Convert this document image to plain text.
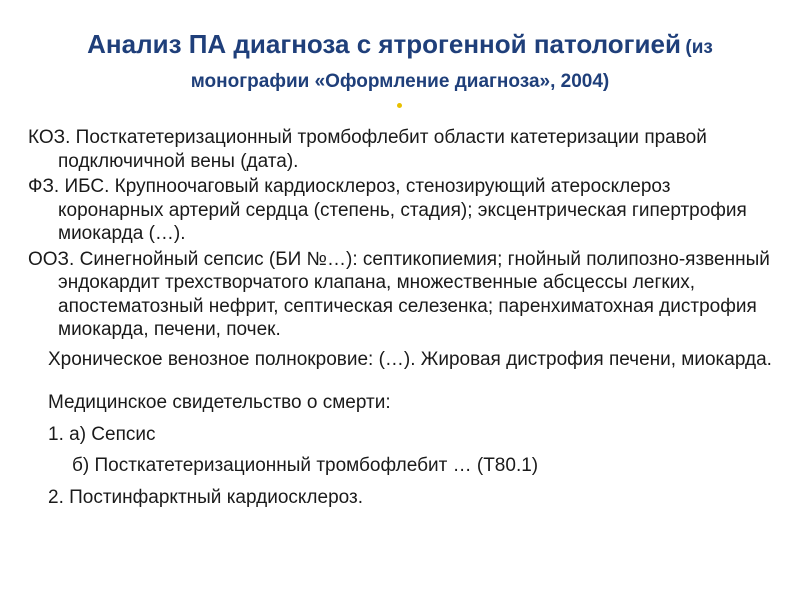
Анализ ПА диагноза с ятрогенной патологией (из
монографии «Оформление диагноза», 2004)

КОЗ. Посткатетеризационный тромбофлебит области катетеризации правой подключичной вены (дата).

ФЗ. ИБС. Крупноочаговый кардиосклероз, стенозирующий атеросклероз коронарных артерий сердца (степень, стадия); эксцентрическая гипертрофия миокарда (…).

ООЗ. Синегнойный сепсис (БИ №…): септикопиемия; гнойный полипозно-язвенный эндокардит трехстворчатого клапана, множественные абсцессы легких, апостематозный нефрит, септическая селезенка; паренхиматохная дистрофия миокарда, печени, почек.

Хроническое венозное полнокровие: (…). Жировая дистрофия печени, миокарда.

Медицинское свидетельство о смерти:

1. а) Сепсис

б) Посткатетеризационный тромбофлебит … (Т80.1)

2. Постинфарктный кардиосклероз.
